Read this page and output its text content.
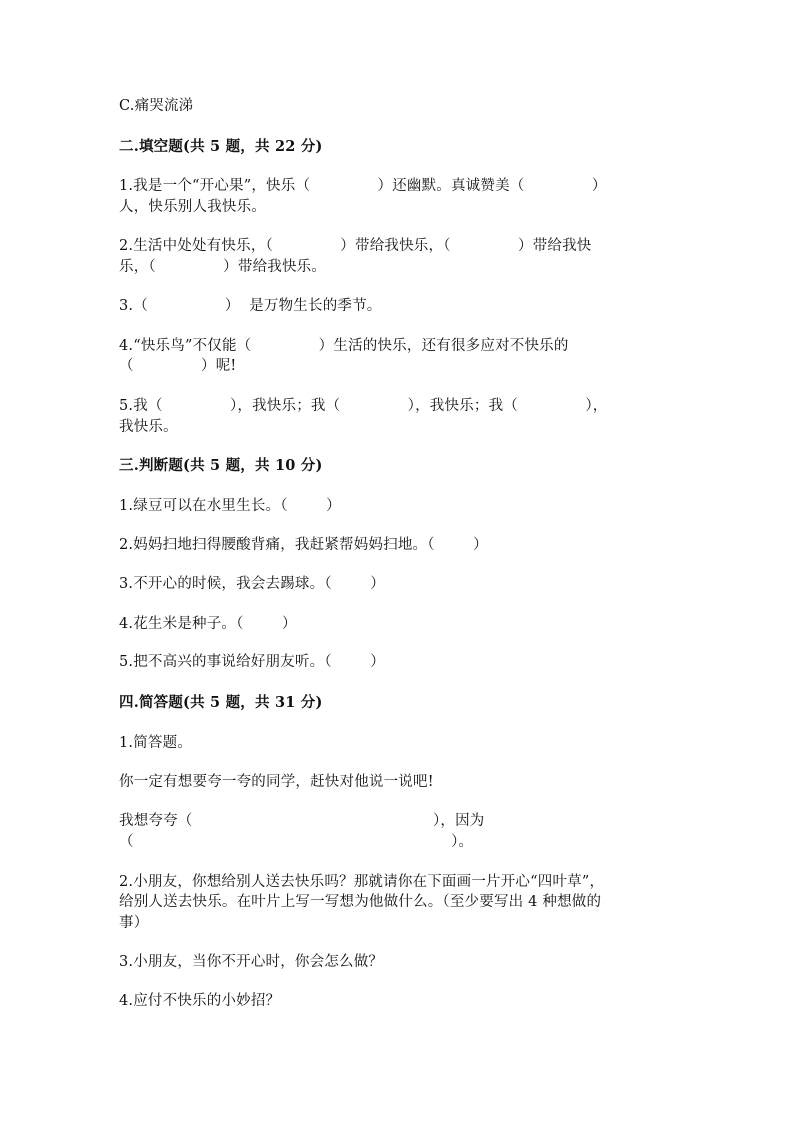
C.痛哭流涕
二.填空题(共 5 题，共 22 分)
1.我是一个“开心果”，快乐（              ）还幽默。真诚赞美（              ）
人，快乐别人我快乐。
2.生活中处处有快乐，（              ）带给我快乐，（              ）带给我快
乐，（              ）带给我快乐。
3.（                ）  是万物生长的季节。
4.“快乐鸟”不仅能（              ）生活的快乐，还有很多应对不快乐的
（              ）呢!
5.我（              ），我快乐；我（              ），我快乐；我（              ），
我快乐。
三.判断题(共 5 题，共 10 分)
1.绿豆可以在水里生长。（        ）
2.妈妈扫地扫得腰酸背痛，我赶紧帮妈妈扫地。（        ）
3.不开心的时候，我会去踢球。（        ）
4.花生米是种子。（        ）
5.把不高兴的事说给好朋友听。（        ）
四.简答题(共 5 题，共 31 分)
1.简答题。
你一定有想要夸一夸的同学，赶快对他说一说吧!
我想夸夸（                                                  ），因为
（                                                                  ）。
2.小朋友，你想给别人送去快乐吗？那就请你在下面画一片开心“四叶草”，
给别人送去快乐。在叶片上写一写想为他做什么。（至少要写出 4 种想做的
事）
3.小朋友，当你不开心时，你会怎么做？
4.应付不快乐的小妙招？
